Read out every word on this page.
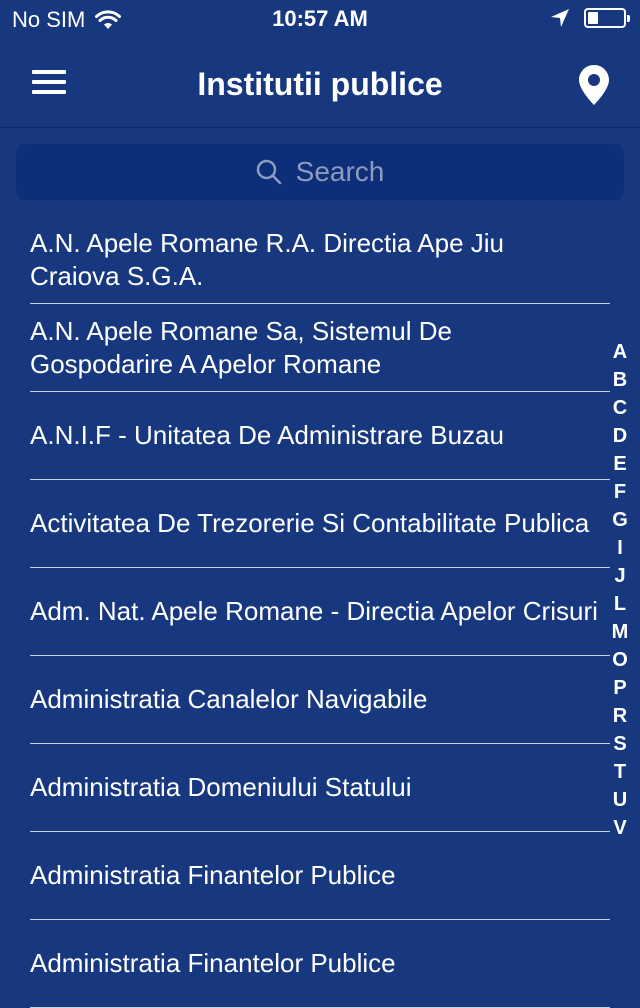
No SIM	10:57 AM
Institutii publice
Search
A.N. Apele Romane R.A. Directia Ape Jiu Craiova S.G.A.
A.N. Apele Romane Sa, Sistemul De Gospodarire A Apelor Romane
A.N.I.F - Unitatea De Administrare Buzau
Activitatea De Trezorerie Si Contabilitate Publica
Adm. Nat. Apele Romane - Directia Apelor Crisuri
Administratia Canalelor Navigabile
Administratia Domeniului Statului
Administratia Finantelor Publice
Administratia Finantelor Publice
A
B
C
D
E
F
G
I
J
L
M
O
P
R
S
T
U
V
